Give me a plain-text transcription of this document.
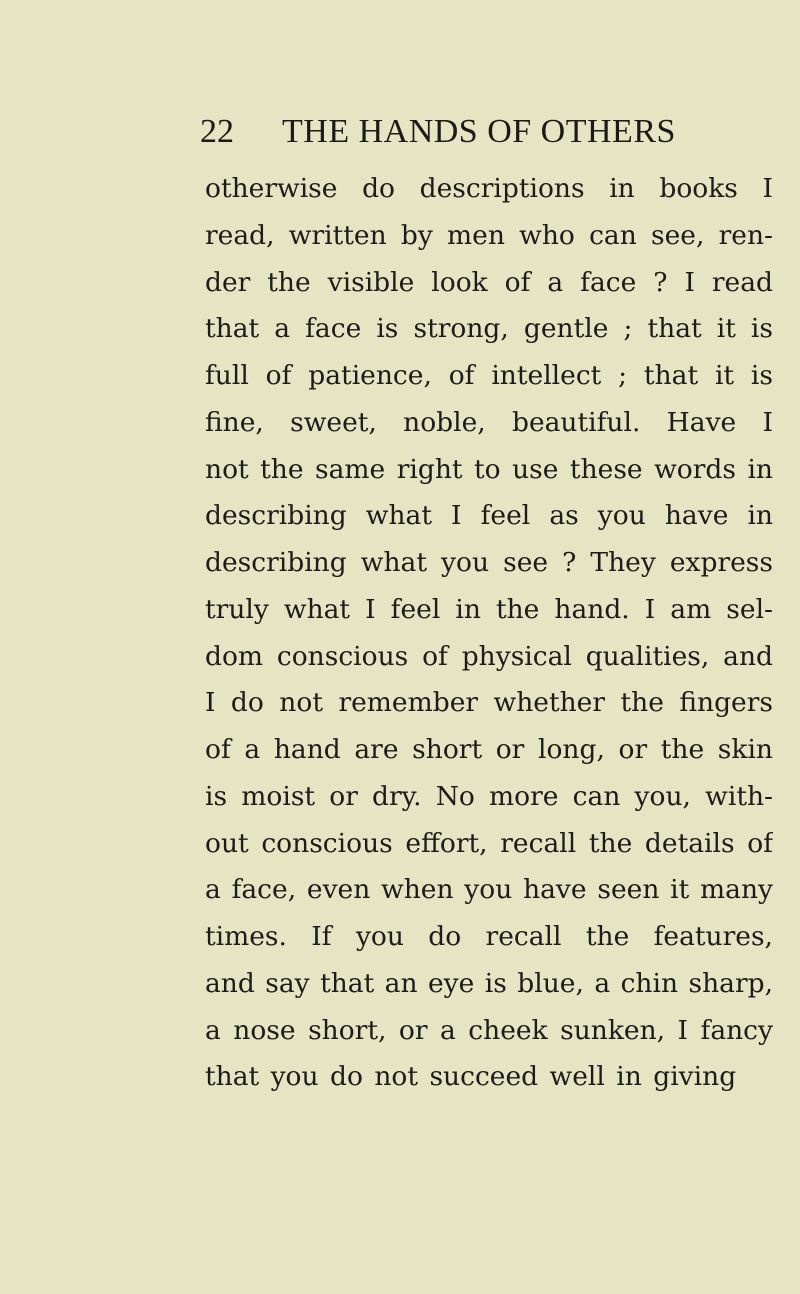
22 THE HANDS OF OTHERS
otherwise do descriptions in books I
read, written by men who can see, ren-
der the visible look of a face ? I read
that a face is strong, gentle ; that it is
full of patience, of intellect ; that it is
fine, sweet, noble, beautiful. Have I
not the same right to use these words in
describing what I feel as you have in
describing what you see ? They express
truly what I feel in the hand. I am sel-
dom conscious of physical qualities, and
I do not remember whether the fingers
of a hand are short or long, or the skin
is moist or dry. No more can you, with-
out conscious effort, recall the details of
a face, even when you have seen it many
times. If you do recall the features,
and say that an eye is blue, a chin sharp,
a nose short, or a cheek sunken, I fancy
that you do not succeed well in giving
